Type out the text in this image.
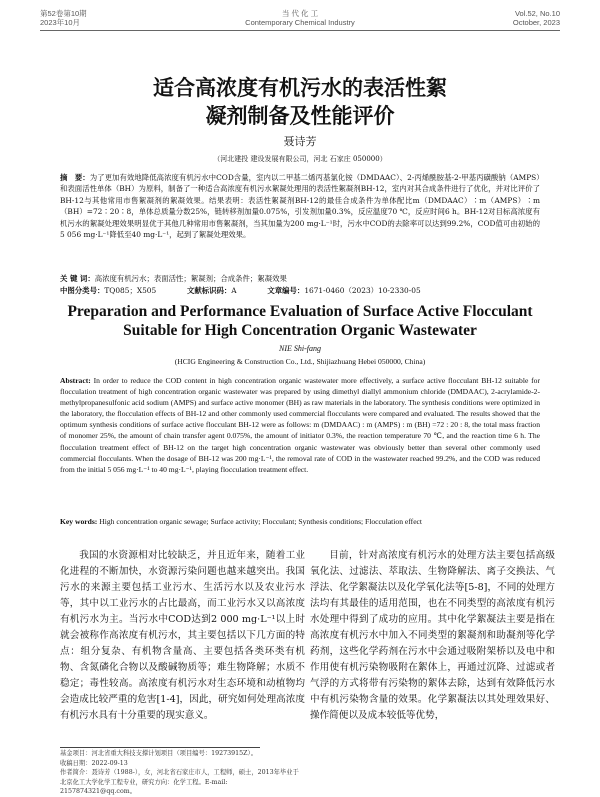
第52卷第10期
2023年10月
当 代 化 工
Contemporary Chemical Industry
Vol.52, No.10
October, 2023
适合高浓度有机污水的表活性絮
凝剂制备及性能评价
聂诗芳
（河北建投 建设发展有限公司，河北 石家庄 050000）
摘　要：为了更加有效地降低高浓度有机污水中COD含量，室内以二甲基二烯丙基氯化铵（DMDAAC）、2-丙烯酰胺基-2-甲基丙磺酸钠（AMPS）和表面活性单体（BH）为原料，制备了一种适合高浓度有机污水絮凝处理用的表活性絮凝剂BH-12，室内对其合成条件进行了优化，并对比评价了BH-12与其他常用市售絮凝剂的絮凝效果。结果表明：表活性絮凝剂BH-12的最佳合成条件为单体配比m（DMDAAC）∶m（AMPS）∶m（BH）=72∶20∶8，单体总质量分数25%，链转移剂加量0.075%，引发剂加量0.3%，反应温度70 ℃，反应时间6 h。BH-12对目标高浓度有机污水的絮凝处理效果明显优于其他几种常用市售絮凝剂，当其加量为200 mg·L⁻¹时，污水中COD的去除率可以达到99.2%，COD值可由初始的5 056 mg·L⁻¹降低至40 mg·L⁻¹，起到了絮凝处理效果。
关 键 词：高浓度有机污水；表面活性；絮凝剂；合成条件；絮凝效果
中图分类号：TQ085；X505	文献标识码：A	文章编号：1671-0460（2023）10-2330-05
Preparation and Performance Evaluation of Surface Active Flocculant
Suitable for High Concentration Organic Wastewater
NIE Shi-fang
(HCIG Engineering & Construction Co., Ltd., Shijiazhuang Hebei 050000, China)
Abstract: In order to reduce the COD content in high concentration organic wastewater more effectively, a surface active flocculant BH-12 suitable for flocculation treatment of high concentration organic wastewater was prepared by using dimethyl diallyl ammonium chloride (DMDAAC), 2-acrylamide-2-methylpropanesulfonic acid sodium (AMPS) and surface active monomer (BH) as raw materials in the laboratory. The synthesis conditions were optimized in the laboratory, the flocculation effects of BH-12 and other commonly used commercial flocculants were compared and evaluated. The results showed that the optimum synthesis conditions of surface active flocculant BH-12 were as follows: m (DMDAAC) : m (AMPS) : m (BH) =72 : 20 : 8, the total mass fraction of monomer 25%, the amount of chain transfer agent 0.075%, the amount of initiator 0.3%, the reaction temperature 70 ℃, and the reaction time 6 h. The flocculation treatment effect of BH-12 on the target high concentration organic wastewater was obviously better than several other commonly used commercial flocculants. When the dosage of BH-12 was 200 mg·L⁻¹, the removal rate of COD in the wastewater reached 99.2%, and the COD was reduced from the initial 5 056 mg·L⁻¹ to 40 mg·L⁻¹, playing flocculation treatment effect.
Key words: High concentration organic sewage; Surface activity; Flocculant; Synthesis conditions; Flocculation effect
我国的水资源相对比较缺乏，并且近年来，随着工业化进程的不断加快，水资源污染问题也越来越突出。我国污水的来源主要包括工业污水、生活污水以及农业污水等，其中以工业污水的占比最高，而工业污水又以高浓度有机污水为主。当污水中COD达到2 000 mg·L⁻¹以上时就会被称作高浓度有机污水，其主要包括以下几方面的特点：组分复杂、有机物含量高、主要包括各类环类有机物、含氮磷化合物以及酸碱物质等；难生物降解；水质不稳定；毒性较高。高浓度有机污水对生态环境和动植物均会造成比较严重的危害[1-4]，因此，研究如何处理高浓度有机污水具有十分重要的现实意义。
目前，针对高浓度有机污水的处理方法主要包括高级氧化法、过滤法、萃取法、生物降解法、离子交换法、气浮法、化学絮凝法以及化学氧化法等[5-8]，不同的处理方法均有其最佳的适用范围，也在不同类型的高浓度有机污水处理中得到了成功的应用。其中化学絮凝法主要是指在高浓度有机污水中加入不同类型的絮凝剂和助凝剂等化学药剂，这些化学药剂在污水中会通过吸附架桥以及电中和作用使有机污染物吸附在絮体上，再通过沉降、过滤或者气浮的方式将带有污染物的絮体去除，达到有效降低污水中有机污染物含量的效果。化学絮凝法以其处理效果好、操作简便以及成本较低等优势，
基金项目：河北省重大科技支撑计划项目（项目编号：19273915Z）。
收稿日期：2022-09-13
作者简介：聂诗芳（1988-），女，河北省石家庄市人，工程师，硕士，2013年毕业于北京化工大学化学工程专业，研究方向：化学工程。E-mail: 2157874321@qq.com。
